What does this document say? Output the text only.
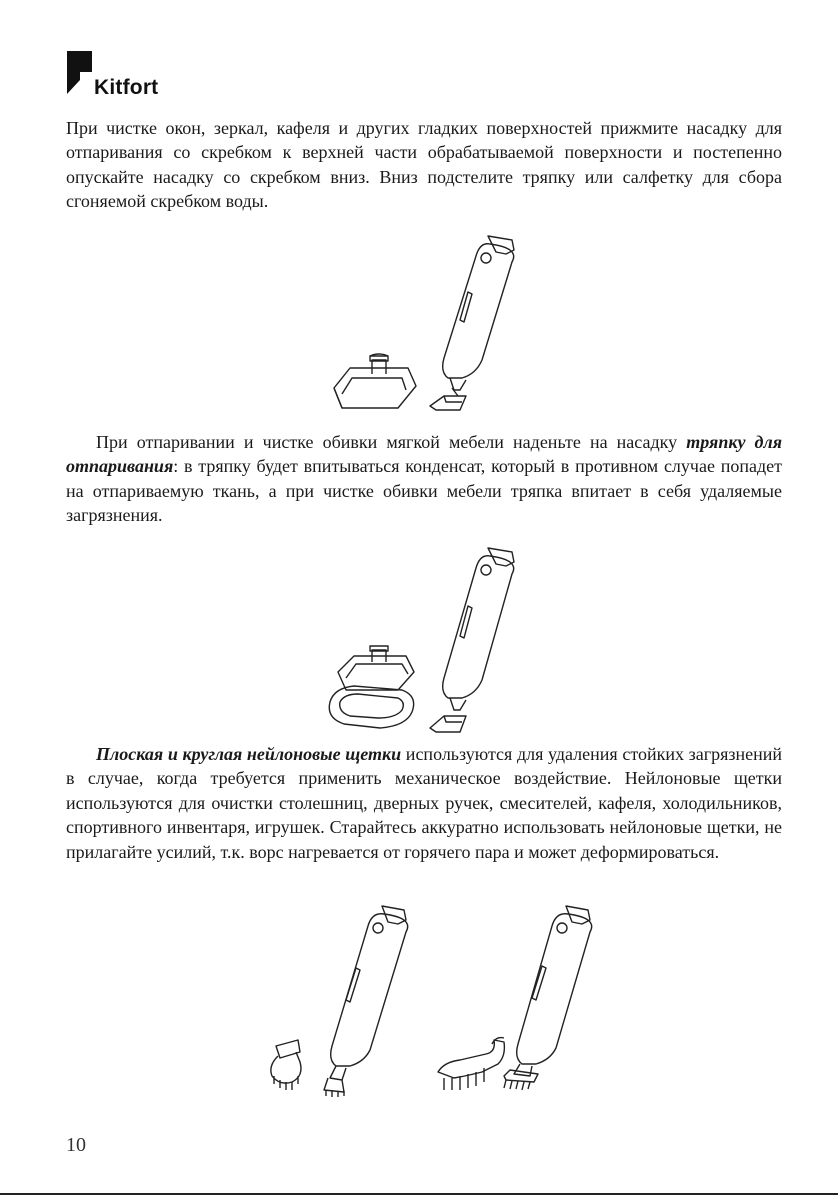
Kitfort

При чистке окон, зеркал, кафеля и других гладких поверхностей прижмите насадку для отпаривания со скребком к верхней части обрабатываемой поверхности и постепенно опускайте насадку со скребком вниз. Вниз подстелите тряпку или салфетку для сбора сгоняемой скребком воды.

При отпаривании и чистке обивки мягкой мебели наденьте на насадку тряпку для отпаривания: в тряпку будет впитываться конденсат, который в противном случае попадет на отпариваемую ткань, а при чистке обивки мебели тряпка впитает в себя удаляемые загрязнения.

Плоская и круглая нейлоновые щетки используются для удаления стойких загрязнений в случае, когда требуется применить механическое воздействие. Нейлоновые щетки используются для очистки столешниц, дверных ручек, смесителей, кафеля, холодильников, спортивного инвентаря, игрушек. Старайтесь аккуратно использовать нейлоновые щетки, не прилагайте усилий, т.к. ворс нагревается от горячего пара и может деформироваться.

10
